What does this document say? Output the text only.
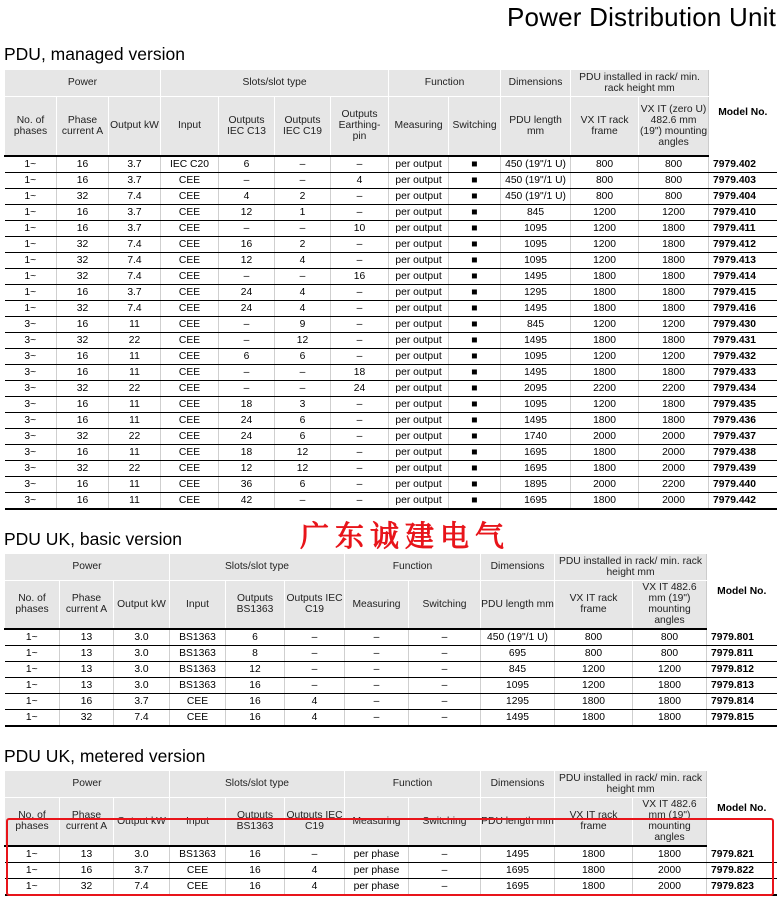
Power Distribution Unit
PDU, managed version
Power			Slots/slot type				Function		Dimensions	PDU installed in rack/ min. rack height mm		Model No.
No. of phases	Phase current A	Output kW	Input	Outputs IEC C13	Outputs IEC C19	Outputs Earthing- pin	Measuring	Switching	PDU length mm	VX IT rack frame	VX IT (zero U) 482.6 mm (19") mounting angles	
1~	16	3.7	IEC C20	6	–	–	per output	■	450 (19"/1 U)	800	800	7979.402
1~	16	3.7	CEE	–	–	4	per output	■	450 (19"/1 U)	800	800	7979.403
1~	32	7.4	CEE	4	2	–	per output	■	450 (19"/1 U)	800	800	7979.404
1~	16	3.7	CEE	12	1	–	per output	■	845	1200	1200	7979.410
1~	16	3.7	CEE	–	–	10	per output	■	1095	1200	1800	7979.411
1~	32	7.4	CEE	16	2	–	per output	■	1095	1200	1800	7979.412
1~	32	7.4	CEE	12	4	–	per output	■	1095	1200	1800	7979.413
1~	32	7.4	CEE	–	–	16	per output	■	1495	1800	1800	7979.414
1~	16	3.7	CEE	24	4	–	per output	■	1295	1800	1800	7979.415
1~	32	7.4	CEE	24	4	–	per output	■	1495	1800	1800	7979.416
3~	16	11	CEE	–	9	–	per output	■	845	1200	1200	7979.430
3~	32	22	CEE	–	12	–	per output	■	1495	1800	1800	7979.431
3~	16	11	CEE	6	6	–	per output	■	1095	1200	1200	7979.432
3~	16	11	CEE	–	–	18	per output	■	1495	1800	1800	7979.433
3~	32	22	CEE	–	–	24	per output	■	2095	2200	2200	7979.434
3~	16	11	CEE	18	3	–	per output	■	1095	1200	1800	7979.435
3~	16	11	CEE	24	6	–	per output	■	1495	1800	1800	7979.436
3~	32	22	CEE	24	6	–	per output	■	1740	2000	2000	7979.437
3~	16	11	CEE	18	12	–	per output	■	1695	1800	2000	7979.438
3~	32	22	CEE	12	12	–	per output	■	1695	1800	2000	7979.439
3~	16	11	CEE	36	6	–	per output	■	1895	2000	2200	7979.440
3~	16	11	CEE	42	–	–	per output	■	1695	1800	2000	7979.442
广东诚建电气
PDU UK, basic version
Power			Slots/slot type			Function		Dimensions	PDU installed in rack/ min. rack height mm		Model No.
No. of phases	Phase current A	Output kW	Input	Outputs BS1363	Outputs IEC C19	Measuring	Switching	PDU length mm	VX IT rack frame	VX IT 482.6 mm (19") mounting angles	
1~	13	3.0	BS1363	6	–	–	–	450 (19"/1 U)	800	800	7979.801
1~	13	3.0	BS1363	8	–	–	–	695	800	800	7979.811
1~	13	3.0	BS1363	12	–	–	–	845	1200	1200	7979.812
1~	13	3.0	BS1363	16	–	–	–	1095	1200	1800	7979.813
1~	16	3.7	CEE	16	4	–	–	1295	1800	1800	7979.814
1~	32	7.4	CEE	16	4	–	–	1495	1800	1800	7979.815
PDU UK, metered version
Power			Slots/slot type			Function		Dimensions	PDU installed in rack/ min. rack height mm		Model No.
No. of phases	Phase current A	Output kW	Input	Outputs BS1363	Outputs IEC C19	Measuring	Switching	PDU length mm	VX IT rack frame	VX IT 482.6 mm (19") mounting angles	
1~	13	3.0	BS1363	16	–	per phase	–	1495	1800	1800	7979.821
1~	16	3.7	CEE	16	4	per phase	–	1695	1800	2000	7979.822
1~	32	7.4	CEE	16	4	per phase	–	1695	1800	2000	7979.823
